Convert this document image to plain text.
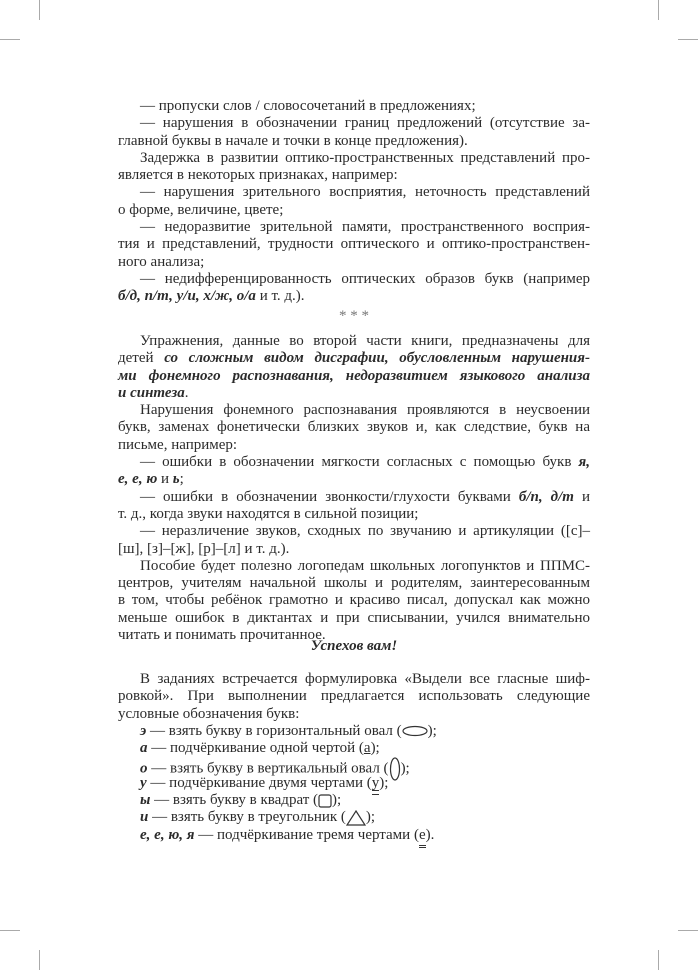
— пропуски слов / словосочетаний в предложениях;
— нарушения в обозначении границ предложений (отсутствие за-
главной буквы в начале и точки в конце предложения).
Задержка в развитии оптико-пространственных представлений про-
является в некоторых признаках, например:
— нарушения зрительного восприятия, неточность представлений
о форме, величине, цвете;
— недоразвитие зрительной памяти, пространственного восприя-
тия и представлений, трудности оптического и оптико-пространствен-
ного анализа;
— недифференцированность оптических образов букв (например
б/д, п/т, у/и, х/ж, о/а и т. д.).
* * *
Упражнения, данные во второй части книги, предназначены для
детей со сложным видом дисграфии, обусловленным нарушения-
ми фонемного распознавания, недоразвитием языкового анализа
и синтеза.
Нарушения фонемного распознавания проявляются в неусвоении
букв, заменах фонетически близких звуков и, как следствие, букв на
письме, например:
— ошибки в обозначении мягкости согласных с помощью букв я,
е, е, ю и ь;
— ошибки в обозначении звонкости/глухости буквами б/п, д/т и
т. д., когда звуки находятся в сильной позиции;
— неразличение звуков, сходных по звучанию и артикуляции ([с]–
[ш], [з]–[ж], [р]–[л] и т. д.).
Пособие будет полезно логопедам школьных логопунктов и ППМС-
центров, учителям начальной школы и родителям, заинтересованным
в том, чтобы ребёнок грамотно и красиво писал, допускал как можно
меньше ошибок в диктантах и при списывании, учился внимательно
читать и понимать прочитанное.
Успехов вам!
В заданиях встречается формулировка «Выдели все гласные шиф-
ровкой». При выполнении предлагается использовать следующие
условные обозначения букв:
э — взять букву в горизонтальный овал ( );
а — подчёркивание одной чертой (а);
о — взять букву в вертикальный овал ( );
у — подчёркивание двумя чертами (у);
ы — взять букву в квадрат ( );
и — взять букву в треугольник ( );
е, е, ю, я — подчёркивание тремя чертами (е).
